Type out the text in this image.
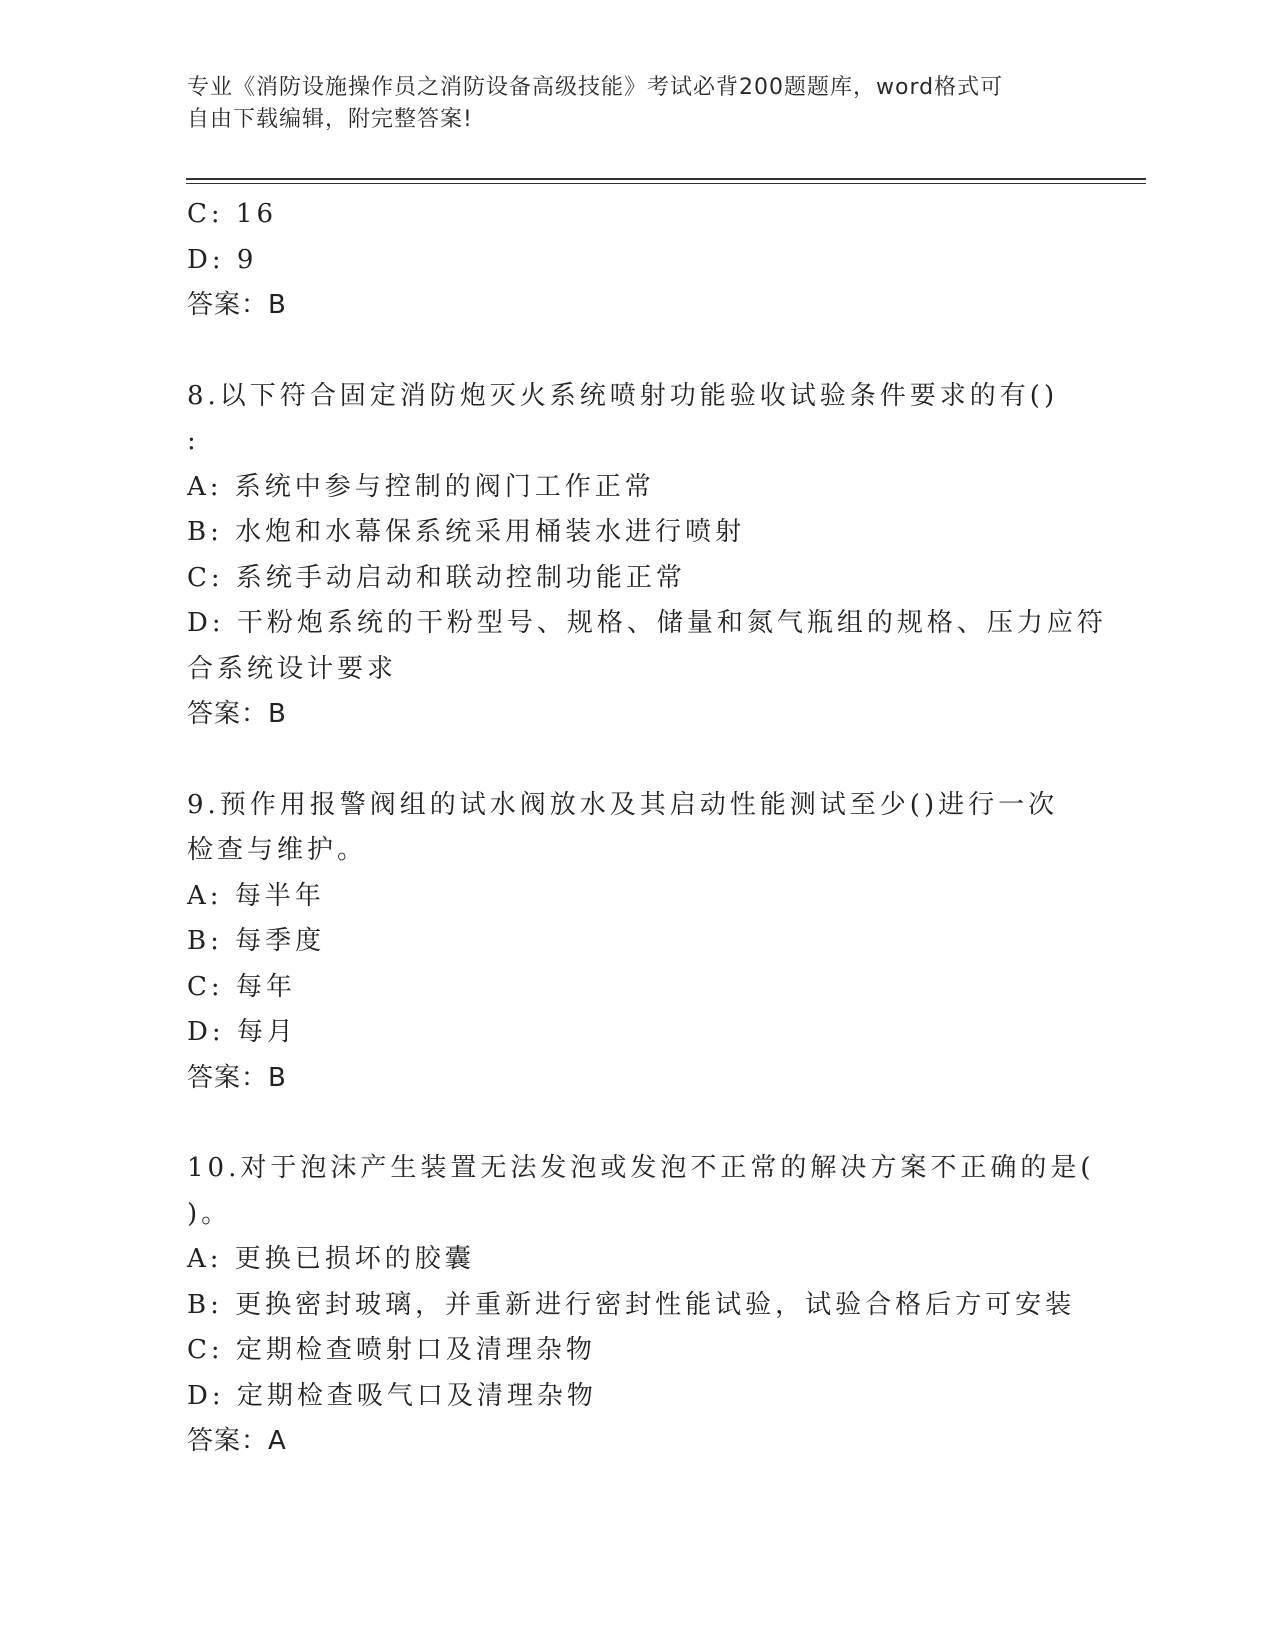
专业《消防设施操作员之消防设备高级技能》考试必背200题题库，word格式可
自由下载编辑，附完整答案!
C: 16
D: 9
答案：B
8.以下符合固定消防炮灭火系统喷射功能验收试验条件要求的有()
:
A: 系统中参与控制的阀门工作正常
B: 水炮和水幕保系统采用桶装水进行喷射
C: 系统手动启动和联动控制功能正常
D: 干粉炮系统的干粉型号、规格、储量和氮气瓶组的规格、压力应符
合系统设计要求
答案：B
9.预作用报警阀组的试水阀放水及其启动性能测试至少()进行一次
检查与维护。
A: 每半年
B: 每季度
C: 每年
D: 每月
答案：B
10.对于泡沫产生装置无法发泡或发泡不正常的解决方案不正确的是(
)。
A: 更换已损坏的胶囊
B: 更换密封玻璃，并重新进行密封性能试验，试验合格后方可安装
C: 定期检查喷射口及清理杂物
D: 定期检查吸气口及清理杂物
答案：A
